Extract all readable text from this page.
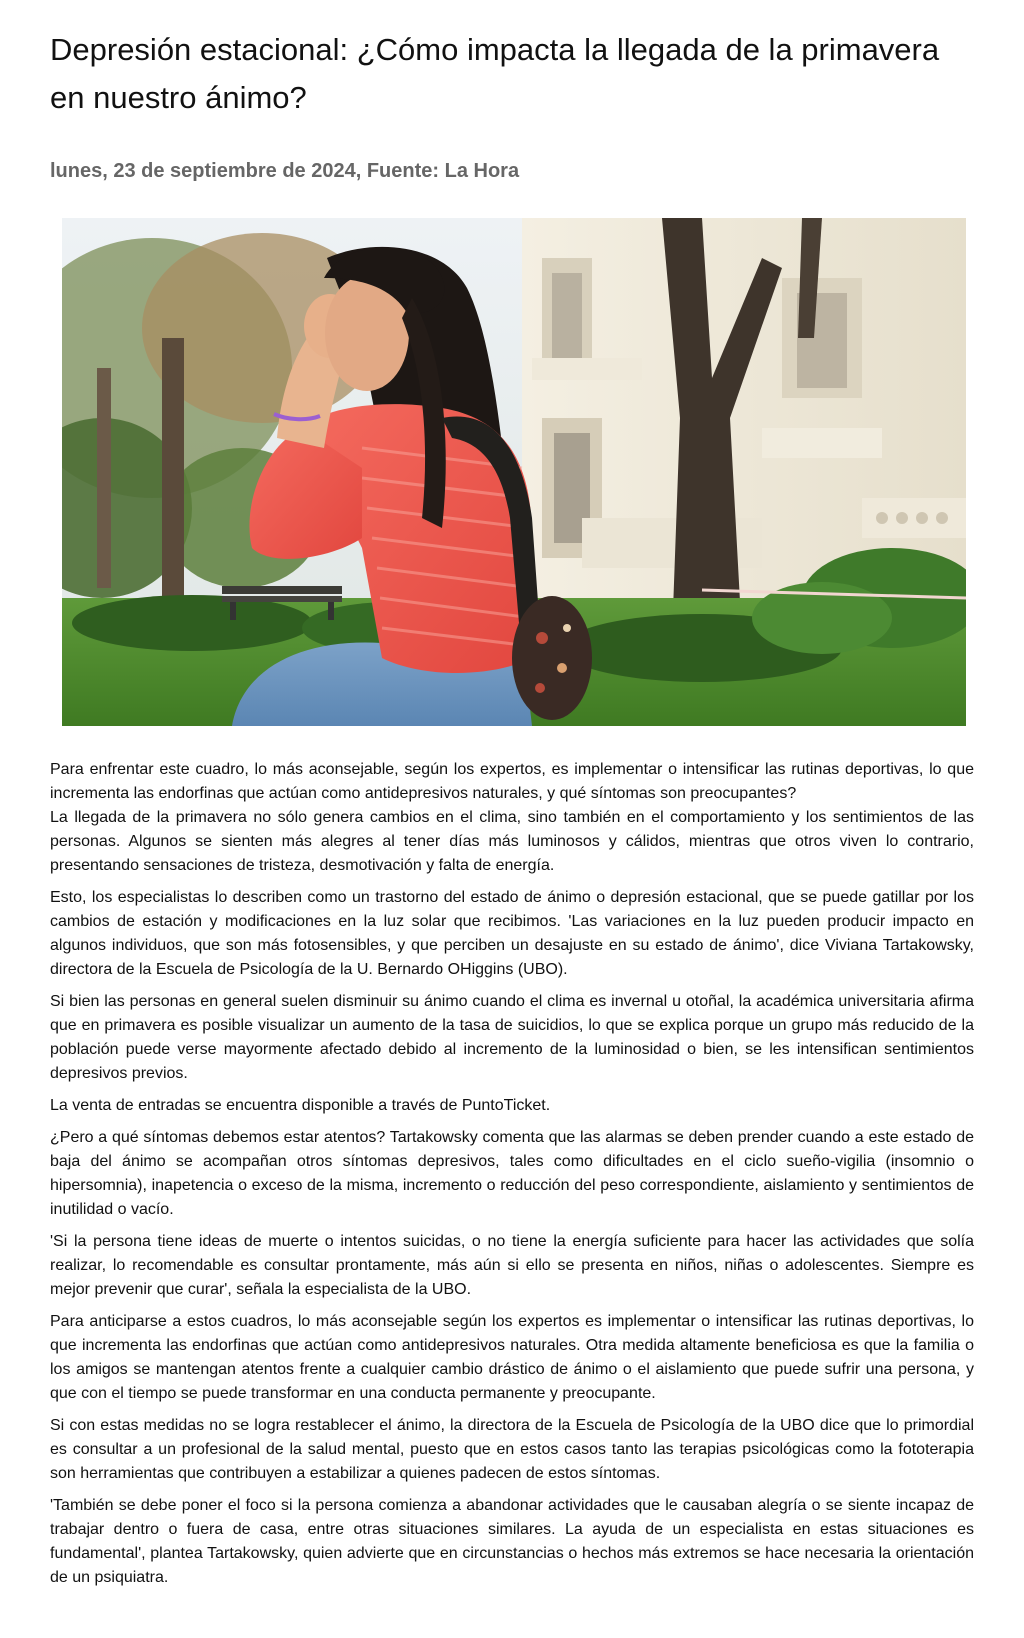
Depresión estacional: ¿Cómo impacta la llegada de la primavera en nuestro ánimo?
lunes, 23 de septiembre de 2024, Fuente: La Hora

Para enfrentar este cuadro, lo más aconsejable, según los expertos, es implementar o intensificar las rutinas deportivas, lo que incrementa las endorfinas que actúan como antidepresivos naturales, y qué síntomas son preocupantes?

La llegada de la primavera no sólo genera cambios en el clima, sino también en el comportamiento y los sentimientos de las personas. Algunos se sienten más alegres al tener días más luminosos y cálidos, mientras que otros viven lo contrario, presentando sensaciones de tristeza, desmotivación y falta de energía.

Esto, los especialistas lo describen como un trastorno del estado de ánimo o depresión estacional, que se puede gatillar por los cambios de estación y modificaciones en la luz solar que recibimos. 'Las variaciones en la luz pueden producir impacto en algunos individuos, que son más fotosensibles, y que perciben un desajuste en su estado de ánimo', dice Viviana Tartakowsky, directora de la Escuela de Psicología de la U. Bernardo OHiggins (UBO).

Si bien las personas en general suelen disminuir su ánimo cuando el clima es invernal u otoñal, la académica universitaria afirma que en primavera es posible visualizar un aumento de la tasa de suicidios, lo que se explica porque un grupo más reducido de la población puede verse mayormente afectado debido al incremento de la luminosidad o bien, se les intensifican sentimientos depresivos previos.

La venta de entradas se encuentra disponible a través de PuntoTicket.

¿Pero a qué síntomas debemos estar atentos? Tartakowsky comenta que las alarmas se deben prender cuando a este estado de baja del ánimo se acompañan otros síntomas depresivos, tales como dificultades en el ciclo sueño-vigilia (insomnio o hipersomnia), inapetencia o exceso de la misma, incremento o reducción del peso correspondiente, aislamiento y sentimientos de inutilidad o vacío.

'Si la persona tiene ideas de muerte o intentos suicidas, o no tiene la energía suficiente para hacer las actividades que solía realizar, lo recomendable es consultar prontamente, más aún si ello se presenta en niños, niñas o adolescentes. Siempre es mejor prevenir que curar', señala la especialista de la UBO.

Para anticiparse a estos cuadros, lo más aconsejable según los expertos es implementar o intensificar las rutinas deportivas, lo que incrementa las endorfinas que actúan como antidepresivos naturales. Otra medida altamente beneficiosa es que la familia o los amigos se mantengan atentos frente a cualquier cambio drástico de ánimo o el aislamiento que puede sufrir una persona, y que con el tiempo se puede transformar en una conducta permanente y preocupante.

Si con estas medidas no se logra restablecer el ánimo, la directora de la Escuela de Psicología de la UBO dice que lo primordial es consultar a un profesional de la salud mental, puesto que en estos casos tanto las terapias psicológicas como la fototerapia son herramientas que contribuyen a estabilizar a quienes padecen de estos síntomas.

'También se debe poner el foco si la persona comienza a abandonar actividades que le causaban alegría o se siente incapaz de trabajar dentro o fuera de casa, entre otras situaciones similares. La ayuda de un especialista en estas situaciones es fundamental', plantea Tartakowsky, quien advierte que en circunstancias o hechos más extremos se hace necesaria la orientación de un psiquiatra.
